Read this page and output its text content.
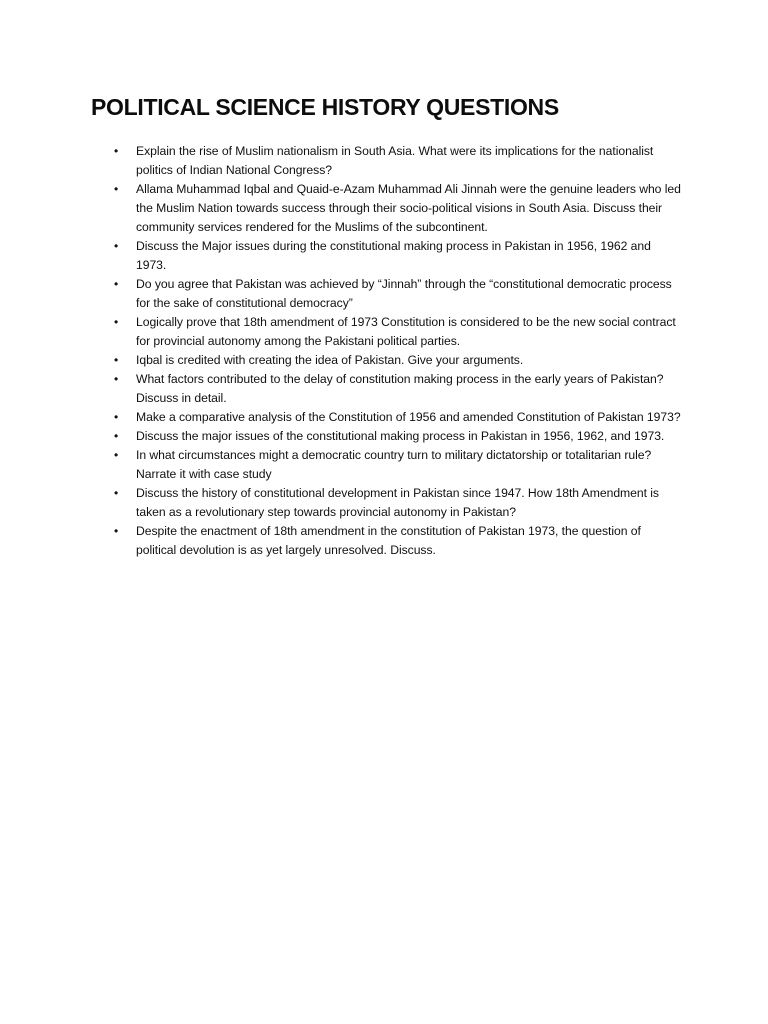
POLITICAL SCIENCE HISTORY QUESTIONS
• Explain the rise of Muslim nationalism in South Asia. What were its implications for the nationalist politics of Indian National Congress?
• Allama Muhammad Iqbal and Quaid-e-Azam Muhammad Ali Jinnah were the genuine leaders who led the Muslim Nation towards success through their socio-political visions in South Asia. Discuss their community services rendered for the Muslims of the subcontinent.
• Discuss the Major issues during the constitutional making process in Pakistan in 1956, 1962 and 1973.
• Do you agree that Pakistan was achieved by “Jinnah” through the “constitutional democratic process for the sake of constitutional democracy”
• Logically prove that 18th amendment of 1973 Constitution is considered to be the new social contract for provincial autonomy among the Pakistani political parties.
• Iqbal is credited with creating the idea of Pakistan. Give your arguments.
• What factors contributed to the delay of constitution making process in the early years of Pakistan? Discuss in detail.
• Make a comparative analysis of the Constitution of 1956 and amended Constitution of Pakistan 1973?
• Discuss the major issues of the constitutional making process in Pakistan in 1956, 1962, and 1973.
• In what circumstances might a democratic country turn to military dictatorship or totalitarian rule? Narrate it with case study
• Discuss the history of constitutional development in Pakistan since 1947. How 18th Amendment is taken as a revolutionary step towards provincial autonomy in Pakistan?
• Despite the enactment of 18th amendment in the constitution of Pakistan 1973, the question of political devolution is as yet largely unresolved. Discuss.
